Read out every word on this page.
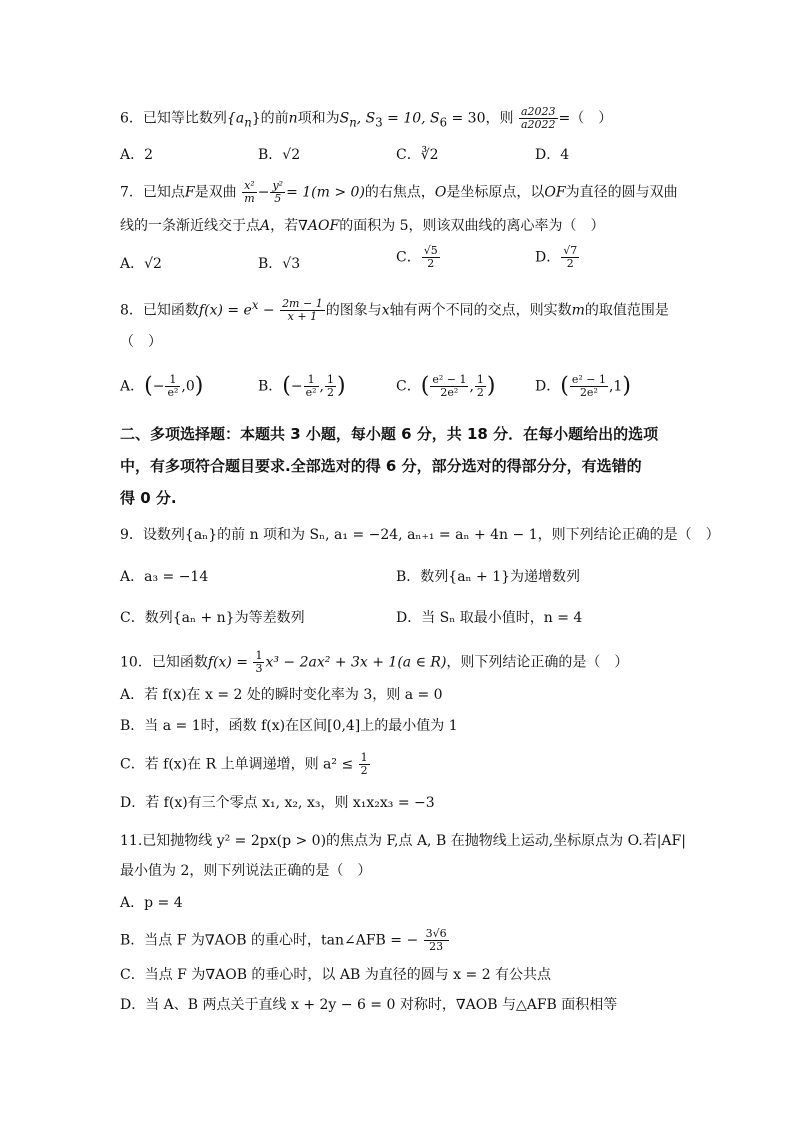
6．已知等比数列$\{a_n\}$的前n项和为$S_n$, $S_3 = 10$, $S_6 = 30$，则 $\frac{a2023}{a2022}$ =（　）
A．2	B．√2	C．∛2	D．4
7．已知点F是双曲 $\frac{\text{x²}}{m} - \frac{\text{y²}}{5} = 1(m > 0)$的右焦点，O是坐标原点，以OF为直径的圆与双曲
线的一条渐近线交于点A，若∇AOF的面积为 5，则该双曲线的离心率为（　）
A．√2	B．√3	C． $\frac{√5}{2}$	D． $\frac{√7}{2}$
8．已知函数$f(x) = e^x - \frac{2m - 1}{x + 1}$ 的图象与x轴有两个不同的交点，则实数m的取值范围是
（　）
A．(− $\frac{1}{\text{e²}} ,0$)	B．(− $\frac{1}{\text{e²}}$ , $\frac{1}{2}$ )	C．( $\frac{\text{e² − 1}}{\text{2e²}}$ , $\frac{1}{2}$ )	D．( $\frac{\text{e² − 1}}{\text{2e²}} ,1$)
二、多项选择题：本题共 3 小题，每小题 6 分，共 18 分．在每小题给出的选项
中，有多项符合题目要求.全部选对的得 6 分，部分选对的得部分分，有选错的
得 0 分.
9．设数列{aₙ}的前 n 项和为 Sₙ, a₁ = −24, aₙ₊₁ = aₙ + 4n − 1，则下列结论正确的是（　）
A．a₃ = −14	B．数列{aₙ + 1}为递增数列
C．数列{aₙ + n}为等差数列	D．当 Sₙ 取最小值时，n = 4
10．已知函数$f(x) = \frac{1}{3} x^3 - 2ax^2 + 3x + 1(a$ ∈ R)，则下列结论正确的是（　）
A．若 f(x)在 x = 2 处的瞬时变化率为 3，则 a = 0
B．当 a = 1时，函数 f(x)在区间[0,4]上的最小值为 1
C．若 f(x)在 R 上单调递增，则 $a^2 \le \frac{1}{2}$
D．若 f(x)有三个零点 x₁, x₂, x₃，则 x₁x₂x₃ = −3
11.已知抛物线 y² = 2px(p > 0)的焦点为 F,点 A, B 在抛物线上运动,坐标原点为 O.若|AF|
最小值为 2，则下列说法正确的是（　）
A．p = 4
B．当点 F 为∇AOB 的重心时，tan∠AFB = − $\frac{3√6}{23}$
C．当点 F 为∇AOB 的垂心时，以 AB 为直径的圆与 x = 2 有公共点
D．当 A、B 两点关于直线 x + 2y − 6 = 0 对称时，∇AOB 与△AFB 面积相等
